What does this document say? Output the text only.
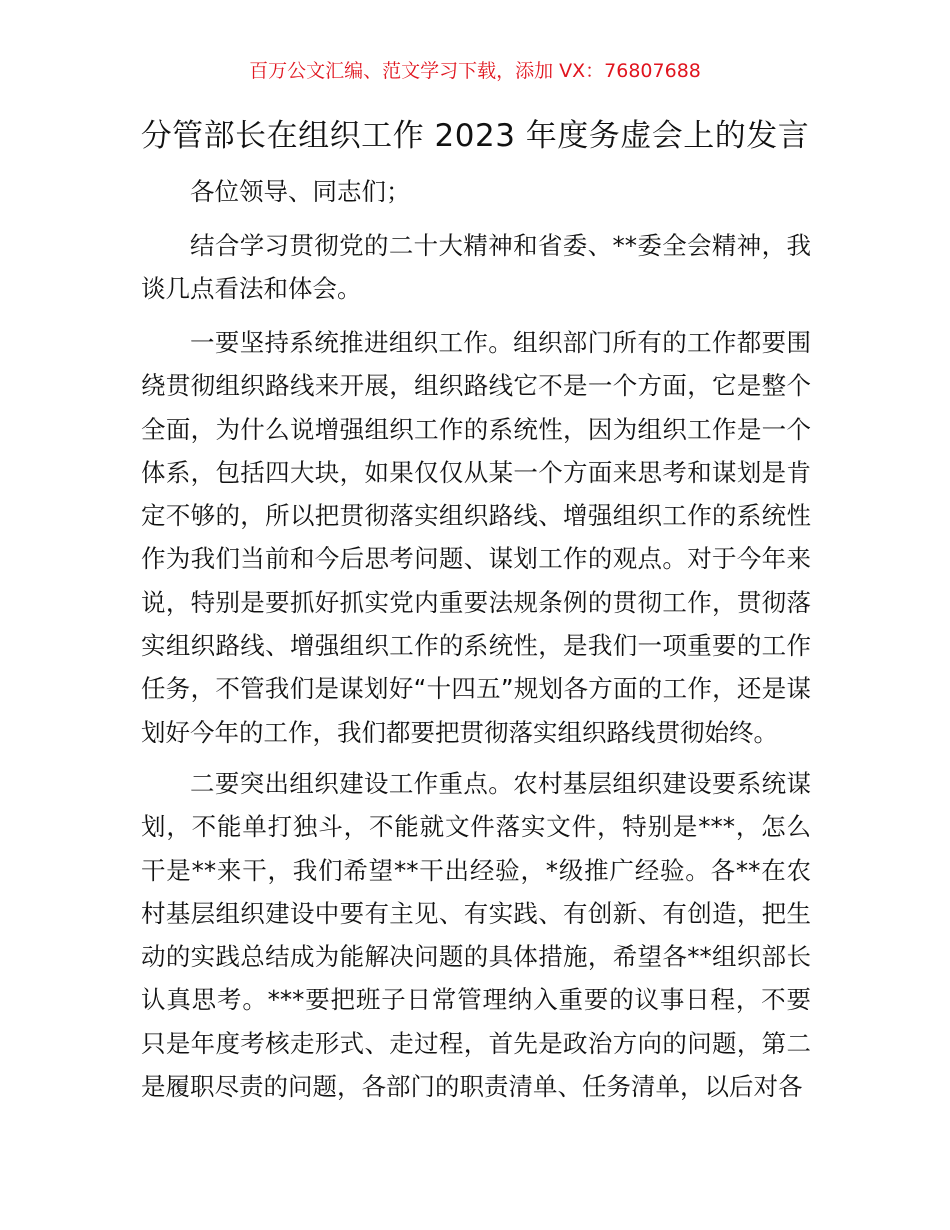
百万公文汇编、范文学习下载，添加 VX：76807688
分管部长在组织工作 2023 年度务虚会上的发言
各位领导、同志们；

结合学习贯彻党的二十大精神和省委、**委全会精神，我谈几点看法和体会。

一要坚持系统推进组织工作。组织部门所有的工作都要围绕贯彻组织路线来开展，组织路线它不是一个方面，它是整个全面，为什么说增强组织工作的系统性，因为组织工作是一个体系，包括四大块，如果仅仅从某一个方面来思考和谋划是肯定不够的，所以把贯彻落实组织路线、增强组织工作的系统性作为我们当前和今后思考问题、谋划工作的观点。对于今年来说，特别是要抓好抓实党内重要法规条例的贯彻工作，贯彻落实组织路线、增强组织工作的系统性，是我们一项重要的工作任务，不管我们是谋划好“十四五”规划各方面的工作，还是谋划好今年的工作，我们都要把贯彻落实组织路线贯彻始终。

二要突出组织建设工作重点。农村基层组织建设要系统谋划，不能单打独斗，不能就文件落实文件，特别是***，怎么干是**来干，我们希望**干出经验，*级推广经验。各**在农村基层组织建设中要有主见、有实践、有创新、有创造，把生动的实践总结成为能解决问题的具体措施，希望各**组织部长认真思考。***要把班子日常管理纳入重要的议事日程，不要只是年度考核走形式、走过程，首先是政治方向的问题，第二是履职尽责的问题，各部门的职责清单、任务清单，以后对各
